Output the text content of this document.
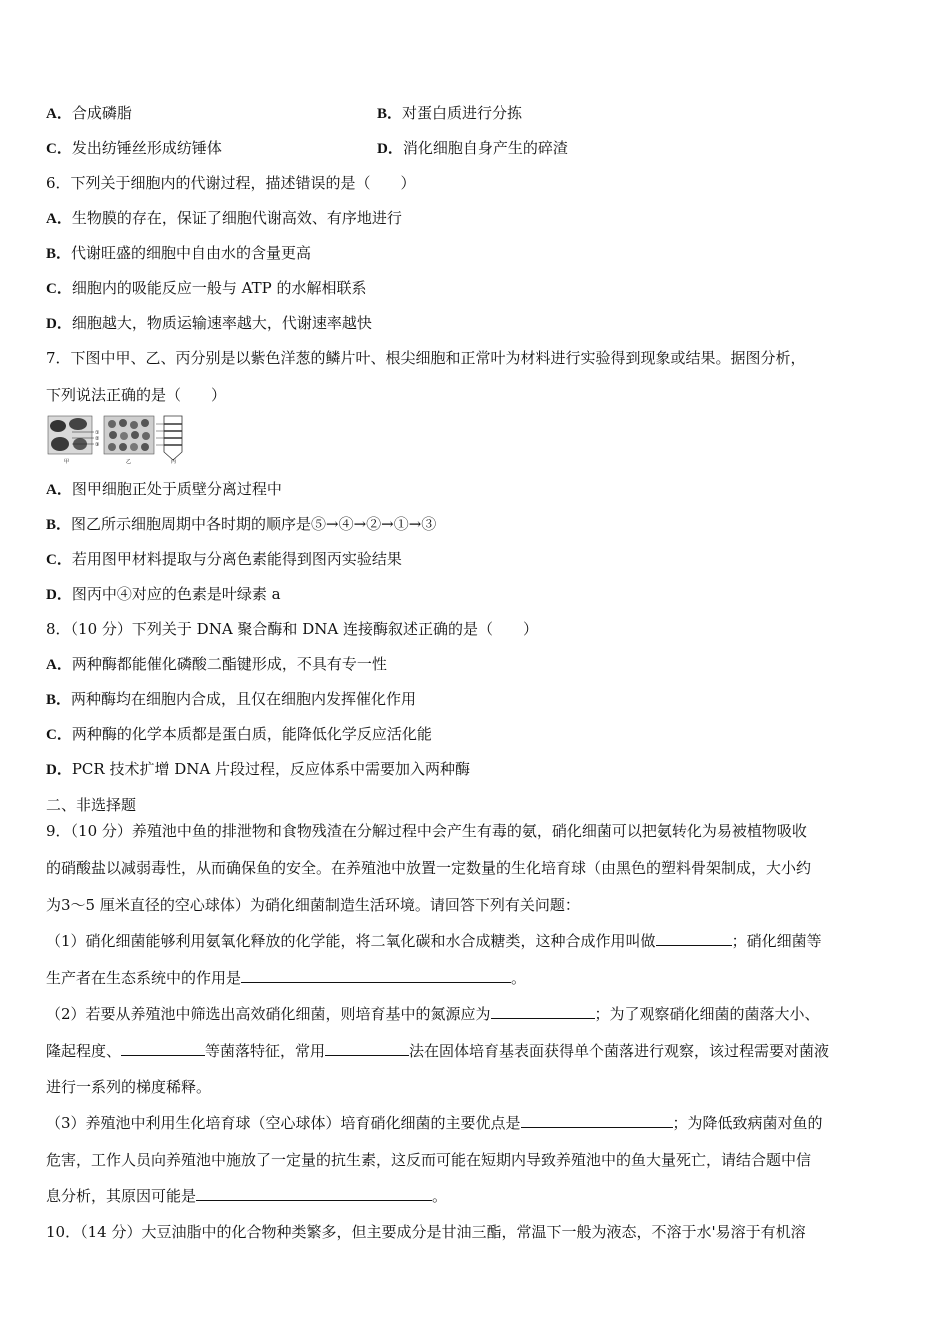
A．合成磷脂	B．对蛋白质进行分拣
C．发出纺锤丝形成纺锤体	D．消化细胞自身产生的碎渣
6．下列关于细胞内的代谢过程，描述错误的是（　　）
A．生物膜的存在，保证了细胞代谢高效、有序地进行
B．代谢旺盛的细胞中自由水的含量更高
C．细胞内的吸能反应一般与 ATP 的水解相联系
D．细胞越大，物质运输速率越大，代谢速率越快
7．下图中甲、乙、丙分别是以紫色洋葱的鳞片叶、根尖细胞和正常叶为材料进行实验得到现象或结果。据图分析，
下列说法正确的是（　　）
①
②
③
甲	乙	丙
A．图甲细胞正处于质壁分离过程中
B．图乙所示细胞周期中各时期的顺序是⑤→④→②→①→③
C．若用图甲材料提取与分离色素能得到图丙实验结果
D．图丙中④对应的色素是叶绿素 a
8．（10 分）下列关于 DNA 聚合酶和 DNA 连接酶叙述正确的是（　　）
A．两种酶都能催化磷酸二酯键形成，不具有专一性
B．两种酶均在细胞内合成，且仅在细胞内发挥催化作用
C．两种酶的化学本质都是蛋白质，能降低化学反应活化能
D．PCR 技术扩增 DNA 片段过程，反应体系中需要加入两种酶
二、非选择题
9．（10 分）养殖池中鱼的排泄物和食物残渣在分解过程中会产生有毒的氨，硝化细菌可以把氨转化为易被植物吸收
的硝酸盐以减弱毒性，从而确保鱼的安全。在养殖池中放置一定数量的生化培育球（由黑色的塑料骨架制成，大小约
为3～5 厘米直径的空心球体）为硝化细菌制造生活环境。请回答下列有关问题：
（1）硝化细菌能够利用氨氧化释放的化学能，将二氧化碳和水合成糖类，这种合成作用叫做	；硝化细菌等
生产者在生态系统中的作用是	。
（2）若要从养殖池中筛选出高效硝化细菌，则培育基中的氮源应为	；为了观察硝化细菌的菌落大小、
隆起程度、	等菌落特征，常用	法在固体培育基表面获得单个菌落进行观察，该过程需要对菌液
进行一系列的梯度稀释。
（3）养殖池中利用生化培育球（空心球体）培育硝化细菌的主要优点是	；为降低致病菌对鱼的
危害，工作人员向养殖池中施放了一定量的抗生素，这反而可能在短期内导致养殖池中的鱼大量死亡，请结合题中信
息分析，其原因可能是	。
10．（14 分）大豆油脂中的化合物种类繁多，但主要成分是甘油三酯，常温下一般为液态，不溶于水'易溶于有机溶
